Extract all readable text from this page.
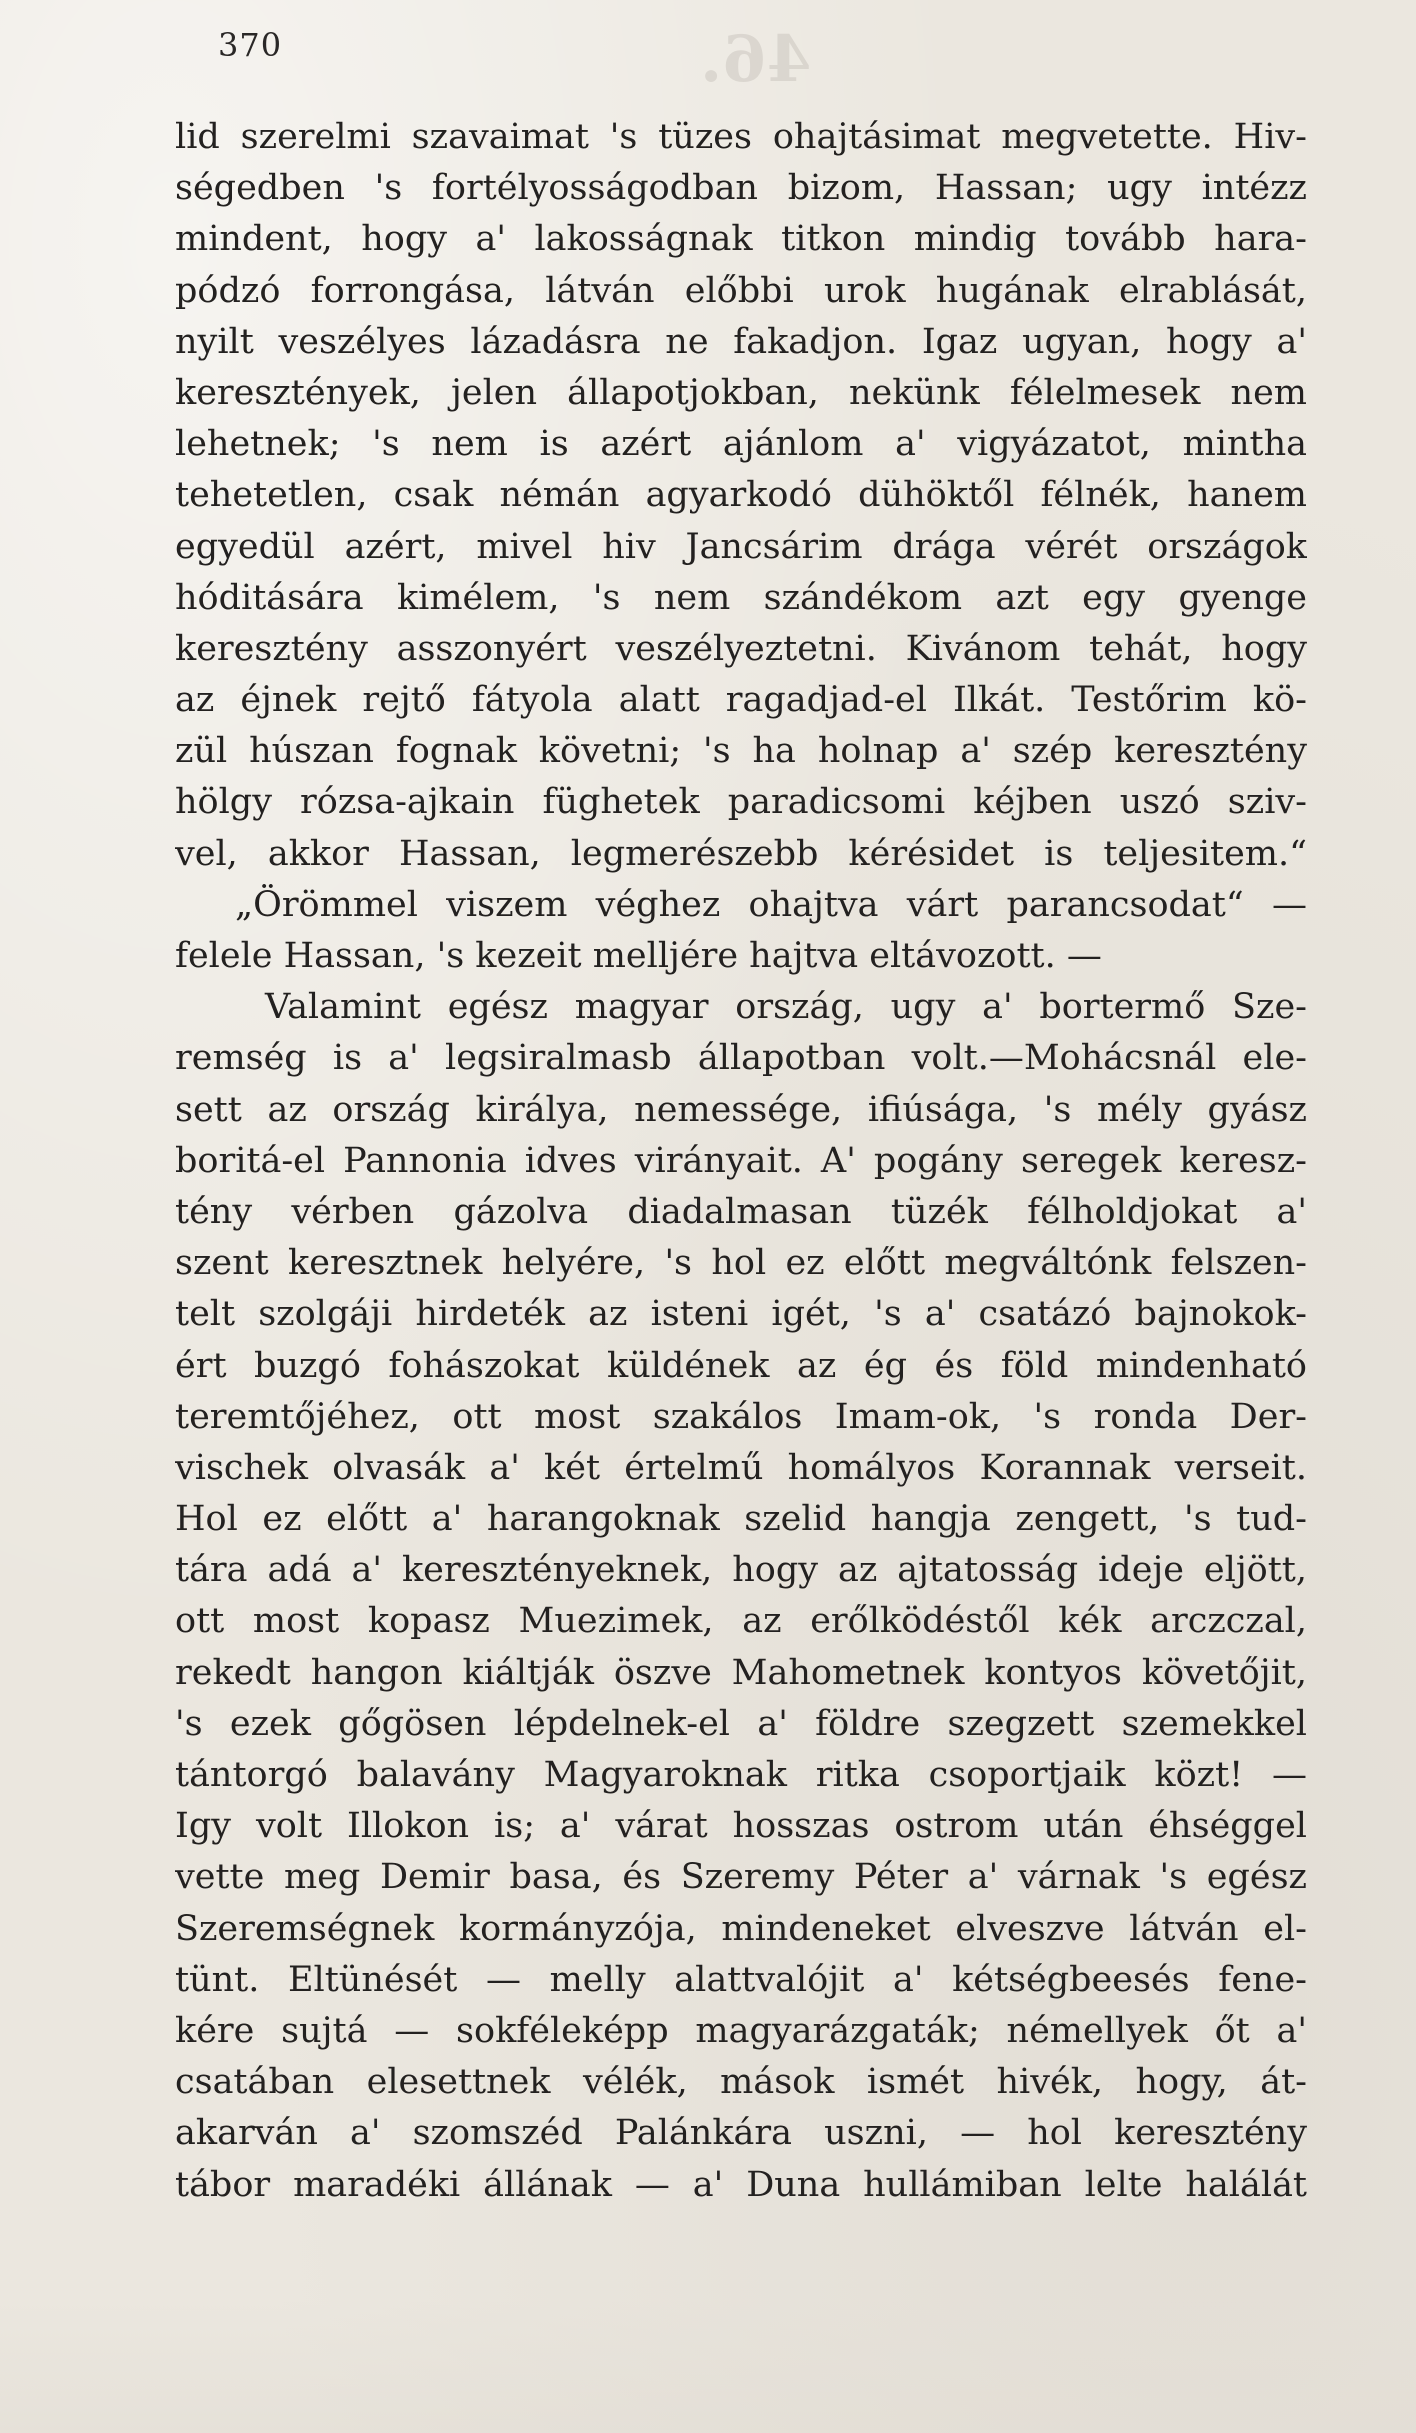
46.
370
lid szerelmi szavaimat 's tüzes ohajtásimat megvetette. Hiv-
ségedben 's fortélyosságodban bizom, Hassan; ugy intézz
mindent, hogy a' lakosságnak titkon mindig tovább hara-
pódzó forrongása, látván előbbi urok hugának elrablását,
nyilt veszélyes lázadásra ne fakadjon. Igaz ugyan, hogy a'
keresztények, jelen állapotjokban, nekünk félelmesek nem
lehetnek; 's nem is azért ajánlom a' vigyázatot, mintha
tehetetlen, csak némán agyarkodó dühöktől félnék, hanem
egyedül azért, mivel hiv Jancsárim drága vérét országok
hóditására kimélem, 's nem szándékom azt egy gyenge
keresztény asszonyért veszélyeztetni. Kivánom tehát, hogy
az éjnek rejtő fátyola alatt ragadjad-el Ilkát. Testőrim kö-
zül húszan fognak követni; 's ha holnap a' szép keresztény
hölgy rózsa-ajkain füghetek paradicsomi kéjben uszó sziv-
vel, akkor Hassan, legmerészebb kérésidet is teljesitem.“
„Örömmel viszem véghez ohajtva várt parancsodat“ —
felele Hassan, 's kezeit melljére hajtva eltávozott. —
Valamint egész magyar ország, ugy a' bortermő Sze-
remség is a' legsiralmasb állapotban volt.—Mohácsnál ele-
sett az ország királya, nemessége, ifiúsága, 's mély gyász
boritá-el Pannonia idves virányait. A' pogány seregek keresz-
tény vérben gázolva diadalmasan tüzék félholdjokat a'
szent keresztnek helyére, 's hol ez előtt megváltónk felszen-
telt szolgáji hirdeték az isteni igét, 's a' csatázó bajnokok-
ért buzgó fohászokat küldének az ég és föld mindenható
teremtőjéhez, ott most szakálos Imam-ok, 's ronda Der-
vischek olvasák a' két értelmű homályos Korannak verseit.
Hol ez előtt a' harangoknak szelid hangja zengett, 's tud-
tára adá a' keresztényeknek, hogy az ajtatosság ideje eljött,
ott most kopasz Muezimek, az erőlködéstől kék arczczal,
rekedt hangon kiáltják öszve Mahometnek kontyos követőjit,
's ezek gőgösen lépdelnek-el a' földre szegzett szemekkel
tántorgó balavány Magyaroknak ritka csoportjaik közt! —
Igy volt Illokon is; a' várat hosszas ostrom után éhséggel
vette meg Demir basa, és Szeremy Péter a' várnak 's egész
Szeremségnek kormányzója, mindeneket elveszve látván el-
tünt. Eltünését — melly alattvalójit a' kétségbeesés fene-
kére sujtá — sokféleképp magyarázgaták; némellyek őt a'
csatában elesettnek vélék, mások ismét hivék, hogy, át-
akarván a' szomszéd Palánkára uszni, — hol keresztény
tábor maradéki állának — a' Duna hullámiban lelte halálát
